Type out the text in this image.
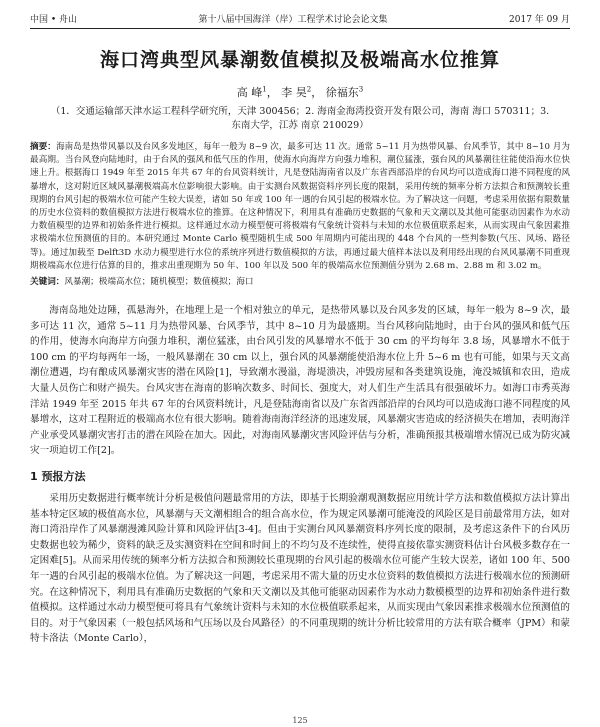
中国 • 舟山	第十八届中国海洋（岸）工程学术讨论会论文集	2017 年 09 月
海口湾典型风暴潮数值模拟及极端高水位推算
高 峰$^1$， 李 昊$^2$， 徐福东$^3$
（1．交通运输部天津水运工程科学研究所，天津 300456；2. 海南金海湾投资开发有限公司，海南 海口 570311；3. 东南大学，江苏 南京 210029）
摘要：海南岛是热带风暴以及台风多发地区，每年一般为 8~9 次，最多可达 11 次。通常 5~11 月为热带风暴、台风季节，其中 8~10 月为最高期。当台风登向陆地时，由于台风的强风和低气压的作用，使海水向海岸方向强力堆积，潮位猛涨，强台风的风暴潮往往能使沿海水位快速上升。根据海口 1949 年至 2015 年共 67 年的台风资料统计，凡是登陆海南省以及广东省西部沿岸的台风均可以造成海口港不同程度的风暴增水，这对附近区域风暴潮极端高水位影响很大影响。由于实测台风数据资料序列长度的限制，采用传统的频率分析方法拟合和预测较长重现期的台风引起的极端水位可能产生较大误差，诸如 50 年或 100 年一遇的台风引起的极端水位。为了解决这一问题，考虑采用依据有限数量的历史水位资料的数值模拟方法进行极端水位的推算。在这种情况下，利用具有准确历史数据的气象和天文潮以及其他可能驱动因素作为水动力数值模型的边界和初始条件进行模拟。这样通过水动力模型便可将极端有气象统计资料与未知的水位极值联系起来，从而实现由气象因素推求极端水位预测值的目的。本研究通过 Monte Carlo 模型随机生成 500 年周期内可能出现的 448 个台风的一些判参数(气压、风场、路径等)。通过加载至 Delft3D 水动力模型进行水位的系统序列进行数值模拟的方法，再通过最大值样本法以及利用经出现的台风风暴潮不同重现期极端高水位进行估算的目的，推求出重现期为 50 年、100 年以及 500 年的极端高水位预测值分别为 2.68 m、2.88 m 和 3.02 m。
关键词：风暴潮；极端高水位；随机模型；数值模拟；海口

海南岛地处边陲，孤悬海外，在地理上是一个相对独立的单元，是热带风暴以及台风多发的区域，每年一般为 8~9 次，最多可达 11 次，通常 5~11 月为热带风暴、台风季节，其中 8~10 月为最盛期。当台风移向陆地时，由于台风的强风和低气压的作用，使海水向海岸方向强力堆积，潮位猛涨，由台风引发的风暴增水不低于 30 cm 的平均每年 3.8 场，风暴增水不低于 100 cm 的平均每两年一场，一般风暴潮在 30 cm 以上，强台风的风暴潮能使沿海水位上升 5~6 m 也有可能，如果与天文高潮位遭遇，均有酿成风暴潮灾害的潜在风险[1]，导致潮水漫溢，海堤溃决，冲毁房屋和各类建筑设施，淹没城镇和农田，造成大量人员伤亡和财产损失。台风灾害在海南的影响次数多、时间长、强度大，对人们生产生活具有很强破坏力。如海口市秀英海洋站 1949 年至 2015 年共 67 年的台风资料统计，凡是登陆海南省以及广东省西部沿岸的台风均可以造成海口港不同程度的风暴增水，这对工程附近的极端高水位有很大影响。随着海南海洋经济的迅速发展，风暴潮灾害造成的经济损失在增加，表明海洋产业承受风暴潮灾害打击的潜在风险在加大。因此，对海南风暴潮灾害风险评估与分析，准确预报其极端增水情况已成为防灾减灾一项迫切工作[2]。

1 预报方法

采用历史数据进行概率统计分析是极值问题最常用的方法，即基于长期验潮观测数据应用统计学方法和数值模拟方法计算出基本特定区域的极值高水位，风暴潮与天文潮相组合的组合高水位，作为规定风暴潮可能淹没的风险区是目前最常用方法，如对海口湾沿岸作了风暴潮漫滩风险计算和风险评估[3-4]。但由于实测台风风暴潮资料序列长度的限制，及考虑这条件下的台风历史数据也较为稀少，资料的缺乏及实测资料在空间和时间上的不均匀及不连续性，使得直接依靠实测资料估计台风极多数存在一定困难[5]。从而采用传统的频率分析方法拟合和预测较长重现期的台风引起的极端水位可能产生较大误差，诸如 100 年、500 年一遇的台风引起的极端水位值。为了解决这一问题，考虑采用不需大量的历史水位资料的数值模拟方法进行极端水位的预测研究。在这种情况下，利用具有准确历史数据的气象和天文潮以及其他可能驱动因素作为水动力数模模型的边界和初始条件进行数值模拟。这样通过水动力模型便可将具有气象统计资料与未知的水位极值联系起来，从而实现由气象因素推求极端水位预测值的目的。对于气象因素（一般包括风场和气压场以及台风路径）的不同重现期的统计分析比较常用的方法有联合概率（JPM）和蒙特卡洛法（Monte Carlo），

125
